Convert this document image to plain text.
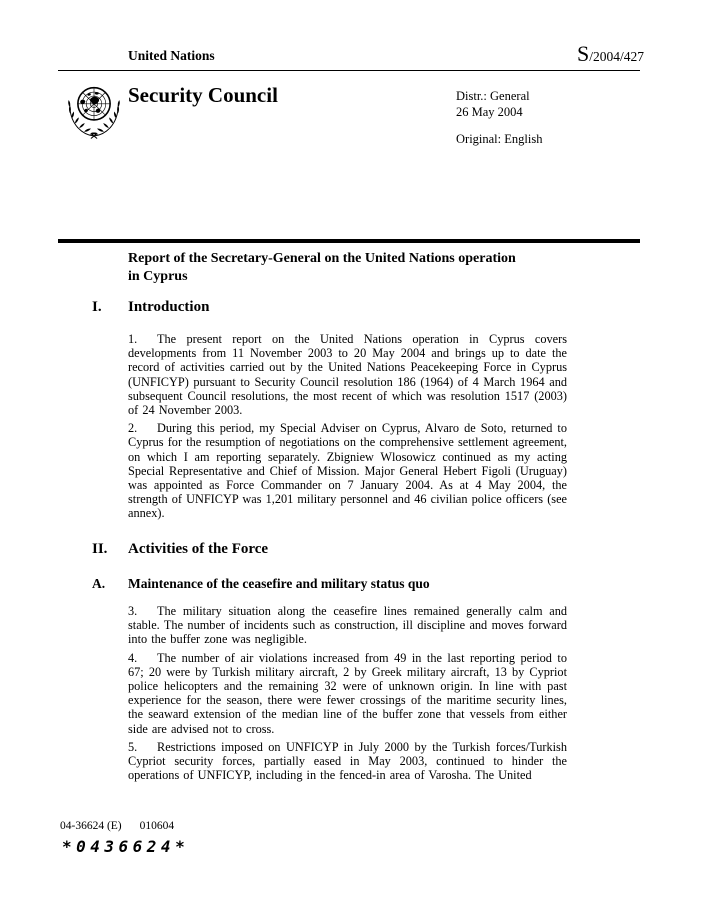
United Nations	S/2004/427
Security Council	Distr.: General
26 May 2004
Original: English
Report of the Secretary-General on the United Nations operation in Cyprus
I. Introduction

1. The present report on the United Nations operation in Cyprus covers developments from 11 November 2003 to 20 May 2004 and brings up to date the record of activities carried out by the United Nations Peacekeeping Force in Cyprus (UNFICYP) pursuant to Security Council resolution 186 (1964) of 4 March 1964 and subsequent Council resolutions, the most recent of which was resolution 1517 (2003) of 24 November 2003.

2. During this period, my Special Adviser on Cyprus, Alvaro de Soto, returned to Cyprus for the resumption of negotiations on the comprehensive settlement agreement, on which I am reporting separately. Zbigniew Wlosowicz continued as my acting Special Representative and Chief of Mission. Major General Hebert Figoli (Uruguay) was appointed as Force Commander on 7 January 2004. As at 4 May 2004, the strength of UNFICYP was 1,201 military personnel and 46 civilian police officers (see annex).

II. Activities of the Force
A. Maintenance of the ceasefire and military status quo

3. The military situation along the ceasefire lines remained generally calm and stable. The number of incidents such as construction, ill discipline and moves forward into the buffer zone was negligible.

4. The number of air violations increased from 49 in the last reporting period to 67; 20 were by Turkish military aircraft, 2 by Greek military aircraft, 13 by Cypriot police helicopters and the remaining 32 were of unknown origin. In line with past experience for the season, there were fewer crossings of the maritime security lines, the seaward extension of the median line of the buffer zone that vessels from either side are advised not to cross.

5. Restrictions imposed on UNFICYP in July 2000 by the Turkish forces/Turkish Cypriot security forces, partially eased in May 2003, continued to hinder the operations of UNFICYP, including in the fenced-in area of Varosha. The United

04-36624 (E) 010604
*0436624*
